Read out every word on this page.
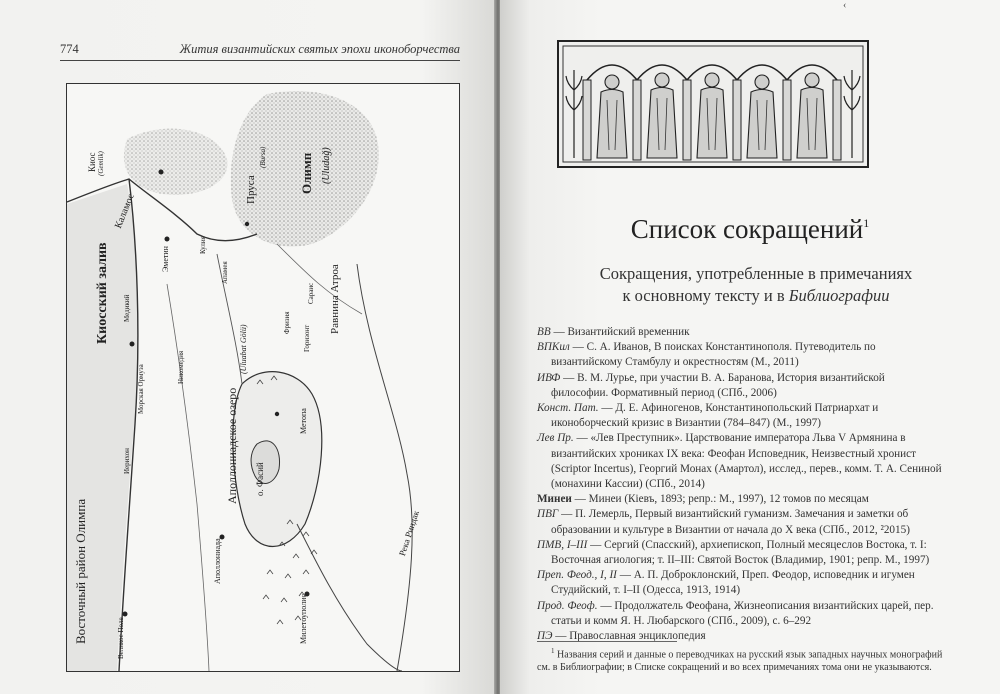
774	Жития византийских святых эпохи иконоборчества
Киос (Gemlik)
Каламос
Киосский залив
Восточный район Олимпа
Олимп (Uludağ)
Пруса
(Bursa)
Аполлониадское озеро
(Uluabat Gölü)
о. Фасий
Метопа
Равнина Атроа
Река Риндак
Аполлониада
Милетоуполис
Эметин
Медикий
Морская Ормуза
Иерихон
Великое Поле
Никомедия
Фризия
Кулия
Апамея
Сараис
Горизонт
‹
Список сокращений$^1$
Сокращения, употребленные в примечаниях
к основному тексту и в Библиографии
ВВ — Византийский временник
ВПКил — С. А. Иванов, В поисках Константинополя. Путеводитель по византийскому Стамбулу и окрестностям (М., 2011)
ИВФ — В. М. Лурье, при участии В. А. Баранова, История византийской философии. Формативный период (СПб., 2006)
Конст. Пат. — Д. Е. Афиногенов, Константинопольский Патриархат и иконоборческий кризис в Византии (784–847) (М., 1997)
Лев Пр. — «Лев Преступник». Царствование императора Льва V Армянина в византийских хрониках IX века: Феофан Исповедник, Неизвестный хронист (Scriptor Incertus), Георгий Монах (Амартол), исслед., перев., комм. Т. А. Сениной (монахини Кассии) (СПб., 2014)
Минеи — Минеи (Кіевъ, 1893; репр.: М., 1997), 12 томов по месяцам
ПВГ — П. Лемерль, Первый византийский гуманизм. Замечания и заметки об образовании и культуре в Византии от начала до X века (СПб., 2012, ²2015)
ПМВ, I–III — Сергий (Спасский), архиепископ, Полный месяцеслов Востока, т. I: Восточная агиология; т. II–III: Святой Восток (Владимир, 1901; репр. М., 1997)
Преп. Феод., I, II — А. П. Доброклонский, Преп. Феодор, исповедник и игумен Студийский, т. I–II (Одесса, 1913, 1914)
Прод. Феоф. — Продолжатель Феофана, Жизнеописания византийских царей, пер. статьи и комм Я. Н. Любарского (СПб., 2009), с. 6–292
ПЭ — Православная энциклопедия
$^1$ Названия серий и данные о переводчиках на русский язык западных научных монографий см. в Библиографии; в Списке сокращений и во всех примечаниях тома они не указываются.
